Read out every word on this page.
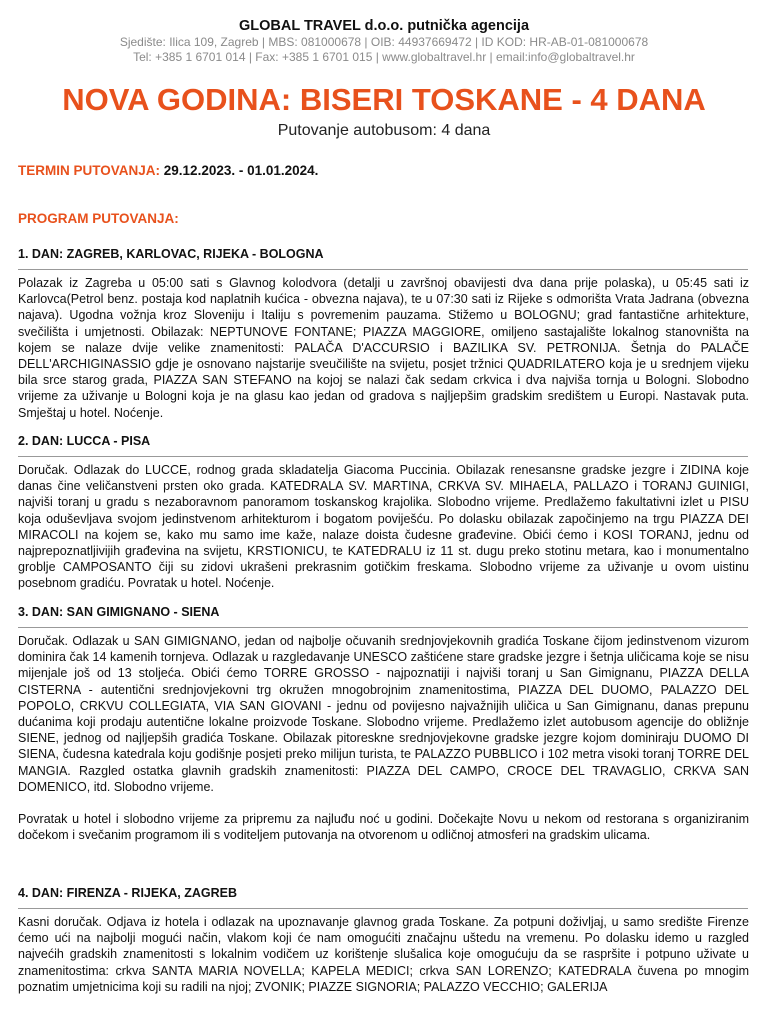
GLOBAL TRAVEL d.o.o. putnička agencija
Sjedište: Ilica 109, Zagreb | MBS: 081000678 | OIB: 44937669472 | ID KOD: HR-AB-01-081000678
Tel: +385 1 6701 014 | Fax: +385 1 6701 015 | www.globaltravel.hr | email:info@globaltravel.hr
NOVA GODINA: BISERI TOSKANE - 4 DANA
Putovanje autobusom: 4 dana
TERMIN PUTOVANJA: 29.12.2023. - 01.01.2024.
PROGRAM PUTOVANJA:
1. DAN: ZAGREB, KARLOVAC, RIJEKA - BOLOGNA

Polazak iz Zagreba u 05:00 sati s Glavnog kolodvora (detalji u završnoj obavijesti dva dana prije polaska), u 05:45 sati iz Karlovca(Petrol benz. postaja kod naplatnih kućica - obvezna najava), te u 07:30 sati iz Rijeke s odmorišta Vrata Jadrana (obvezna najava). Ugodna vožnja kroz Sloveniju i Italiju s povremenim pauzama. Stižemo u BOLOGNU; grad fantastične arhitekture, svečilišta i umjetnosti. Obilazak: NEPTUNOVE FONTANE; PIAZZA MAGGIORE, omiljeno sastajalište lokalnog stanovništa na kojem se nalaze dvije velike znamenitosti: PALAČA D'ACCURSIO i BAZILIKA SV. PETRONIJA. Šetnja do PALAČE DELL'ARCHIGINASSIO gdje je osnovano najstarije sveučilište na svijetu, posjet tržnici QUADRILATERO koja je u srednjem vijeku bila srce starog grada, PIAZZA SAN STEFANO na kojoj se nalazi čak sedam crkvica i dva najviša tornja u Bologni. Slobodno vrijeme za uživanje u Bologni koja je na glasu kao jedan od gradova s najljepšim gradskim središtem u Europi. Nastavak puta. Smještaj u hotel. Noćenje.

2. DAN: LUCCA - PISA

Doručak. Odlazak do LUCCE, rodnog grada skladatelja Giacoma Puccinia. Obilazak renesansne gradske jezgre i ZIDINA koje danas čine veličanstveni prsten oko grada. KATEDRALA SV. MARTINA, CRKVA SV. MIHAELA, PALLAZO i TORANJ GUINIGI, najviši toranj u gradu s nezaboravnom panoramom toskanskog krajolika. Slobodno vrijeme. Predlažemo fakultativni izlet u PISU koja oduševljava svojom jedinstvenom arhitekturom i bogatom poviješću. Po dolasku obilazak započinjemo na trgu PIAZZA DEI MIRACOLI na kojem se, kako mu samo ime kaže, nalaze doista čudesne građevine. Obići ćemo i KOSI TORANJ, jednu od najprepoznatljivijih građevina na svijetu, KRSTIONICU, te KATEDRALU iz 11 st. dugu preko stotinu metara, kao i monumentalno groblje CAMPOSANTO čiji su zidovi ukrašeni prekrasnim gotičkim freskama. Slobodno vrijeme za uživanje u ovom uistinu posebnom gradiću. Povratak u hotel. Noćenje.

3. DAN: SAN GIMIGNANO - SIENA

Doručak. Odlazak u SAN GIMIGNANO, jedan od najbolje očuvanih srednjovjekovnih gradića Toskane čijom jedinstvenom vizurom dominira čak 14 kamenih tornjeva. Odlazak u razgledavanje UNESCO zaštićene stare gradske jezgre i šetnja uličicama koje se nisu mijenjale još od 13 stoljeća. Obići ćemo TORRE GROSSO - najpoznatiji i najviši toranj u San Gimignanu, PIAZZA DELLA CISTERNA - autentični srednjovjekovni trg okružen mnogobrojnim znamenitostima, PIAZZA DEL DUOMO, PALAZZO DEL POPOLO, CRKVU COLLEGIATA, VIA SAN GIOVANI - jednu od povijesno najvažnijih uličica u San Gimignanu, danas prepunu dućanima koji prodaju autentične lokalne proizvode Toskane. Slobodno vrijeme. Predlažemo izlet autobusom agencije do obližnje SIENE, jednog od najljepših gradića Toskane. Obilazak pitoreskne srednjovjekovne gradske jezgre kojom dominiraju DUOMO DI SIENA, čudesna katedrala koju godišnje posjeti preko milijun turista, te PALAZZO PUBBLICO i 102 metra visoki toranj TORRE DEL MANGIA. Razgled ostatka glavnih gradskih znamenitosti: PIAZZA DEL CAMPO, CROCE DEL TRAVAGLIO, CRKVA SAN DOMENICO, itd. Slobodno vrijeme.

Povratak u hotel i slobodno vrijeme za pripremu za najluđu noć u godini. Dočekajte Novu u nekom od restorana s organiziranim dočekom i svečanim programom ili s voditeljem putovanja na otvorenom u odličnoj atmosferi na gradskim ulicama.

4. DAN: FIRENZA - RIJEKA, ZAGREB

Kasni doručak. Odjava iz hotela i odlazak na upoznavanje glavnog grada Toskane. Za potpuni doživljaj, u samo središte Firenze ćemo ući na najbolji mogući način, vlakom koji će nam omogućiti značajnu uštedu na vremenu. Po dolasku idemo u razgled najvećih gradskih znamenitosti s lokalnim vodičem uz korištenje slušalica koje omogućuju da se raspršite i potpuno uživate u znamenitostima: crkva SANTA MARIA NOVELLA; KAPELA MEDICI; crkva SAN LORENZO; KATEDRALA čuvena po mnogim poznatim umjetnicima koji su radili na njoj; ZVONIK; PIAZZE SIGNORIA; PALAZZO VECCHIO; GALERIJA
